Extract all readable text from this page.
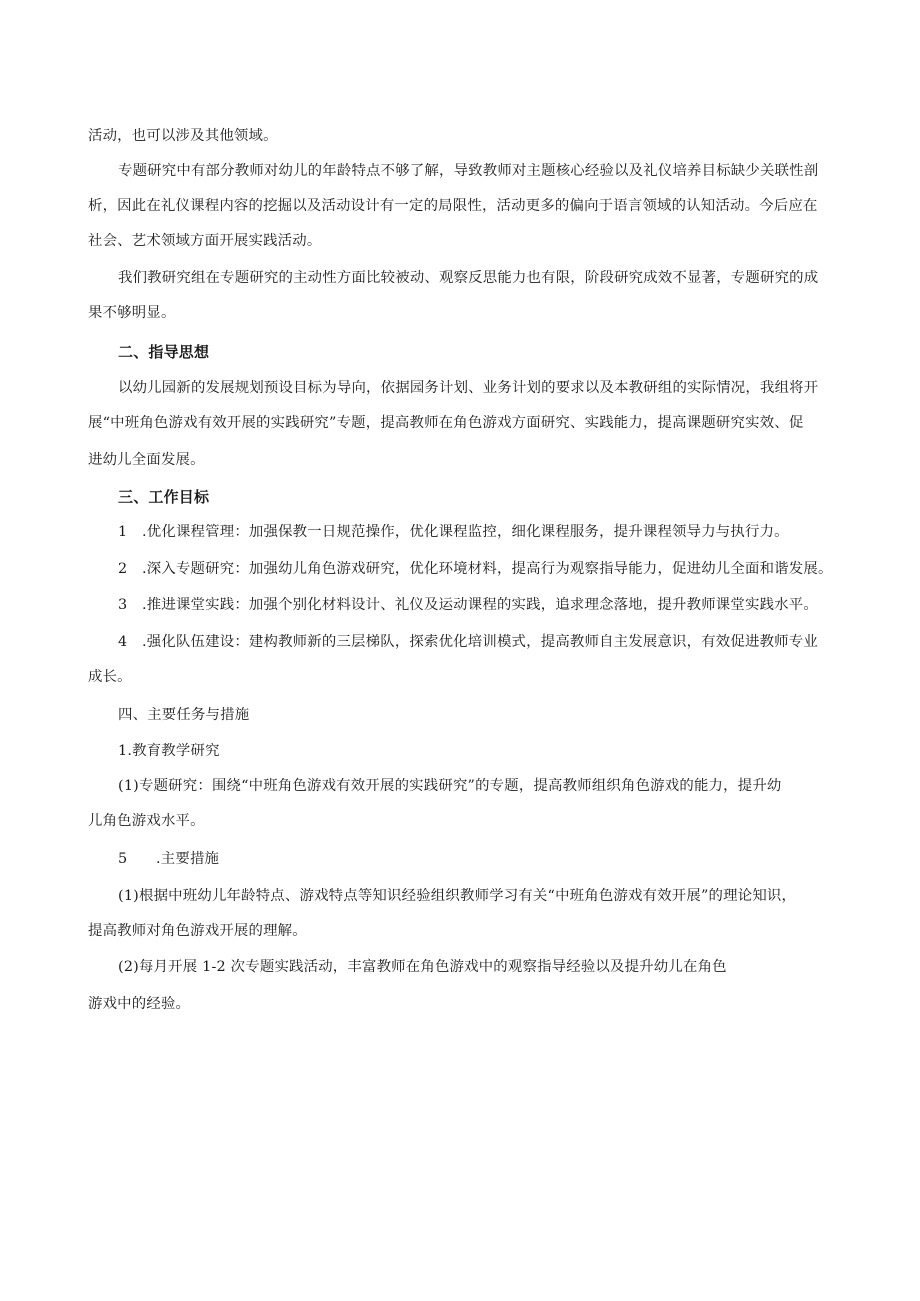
活动，也可以涉及其他领域。
专题研究中有部分教师对幼儿的年龄特点不够了解，导致教师对主题核心经验以及礼仪培养目标缺少关联性剖
析，因此在礼仪课程内容的挖掘以及活动设计有一定的局限性，活动更多的偏向于语言领域的认知活动。今后应在
社会、艺术领域方面开展实践活动。
我们教研究组在专题研究的主动性方面比较被动、观察反思能力也有限，阶段研究成效不显著，专题研究的成
果不够明显。
二、指导思想
以幼儿园新的发展规划预设目标为导向，依据园务计划、业务计划的要求以及本教研组的实际情况，我组将开
展“中班角色游戏有效开展的实践研究”专题，提高教师在角色游戏方面研究、实践能力，提高课题研究实效、促
进幼儿全面发展。
三、工作目标
1 .优化课程管理：加强保教一日规范操作，优化课程监控，细化课程服务，提升课程领导力与执行力。
2 .深入专题研究：加强幼儿角色游戏研究，优化环境材料，提高行为观察指导能力，促进幼儿全面和谐发展。
3 .推进课堂实践：加强个别化材料设计、礼仪及运动课程的实践，追求理念落地，提升教师课堂实践水平。
4 .强化队伍建设：建构教师新的三层梯队，探索优化培训模式，提高教师自主发展意识，有效促进教师专业
成长。
四、主要任务与措施
1.教育教学研究
(1)专题研究：围绕“中班角色游戏有效开展的实践研究”的专题，提高教师组织角色游戏的能力，提升幼
儿角色游戏水平。
5 .主要措施
(1)根据中班幼儿年龄特点、游戏特点等知识经验组织教师学习有关“中班角色游戏有效开展”的理论知识，
提高教师对角色游戏开展的理解。
(2)每月开展 1-2 次专题实践活动，丰富教师在角色游戏中的观察指导经验以及提升幼儿在角色
游戏中的经验。
